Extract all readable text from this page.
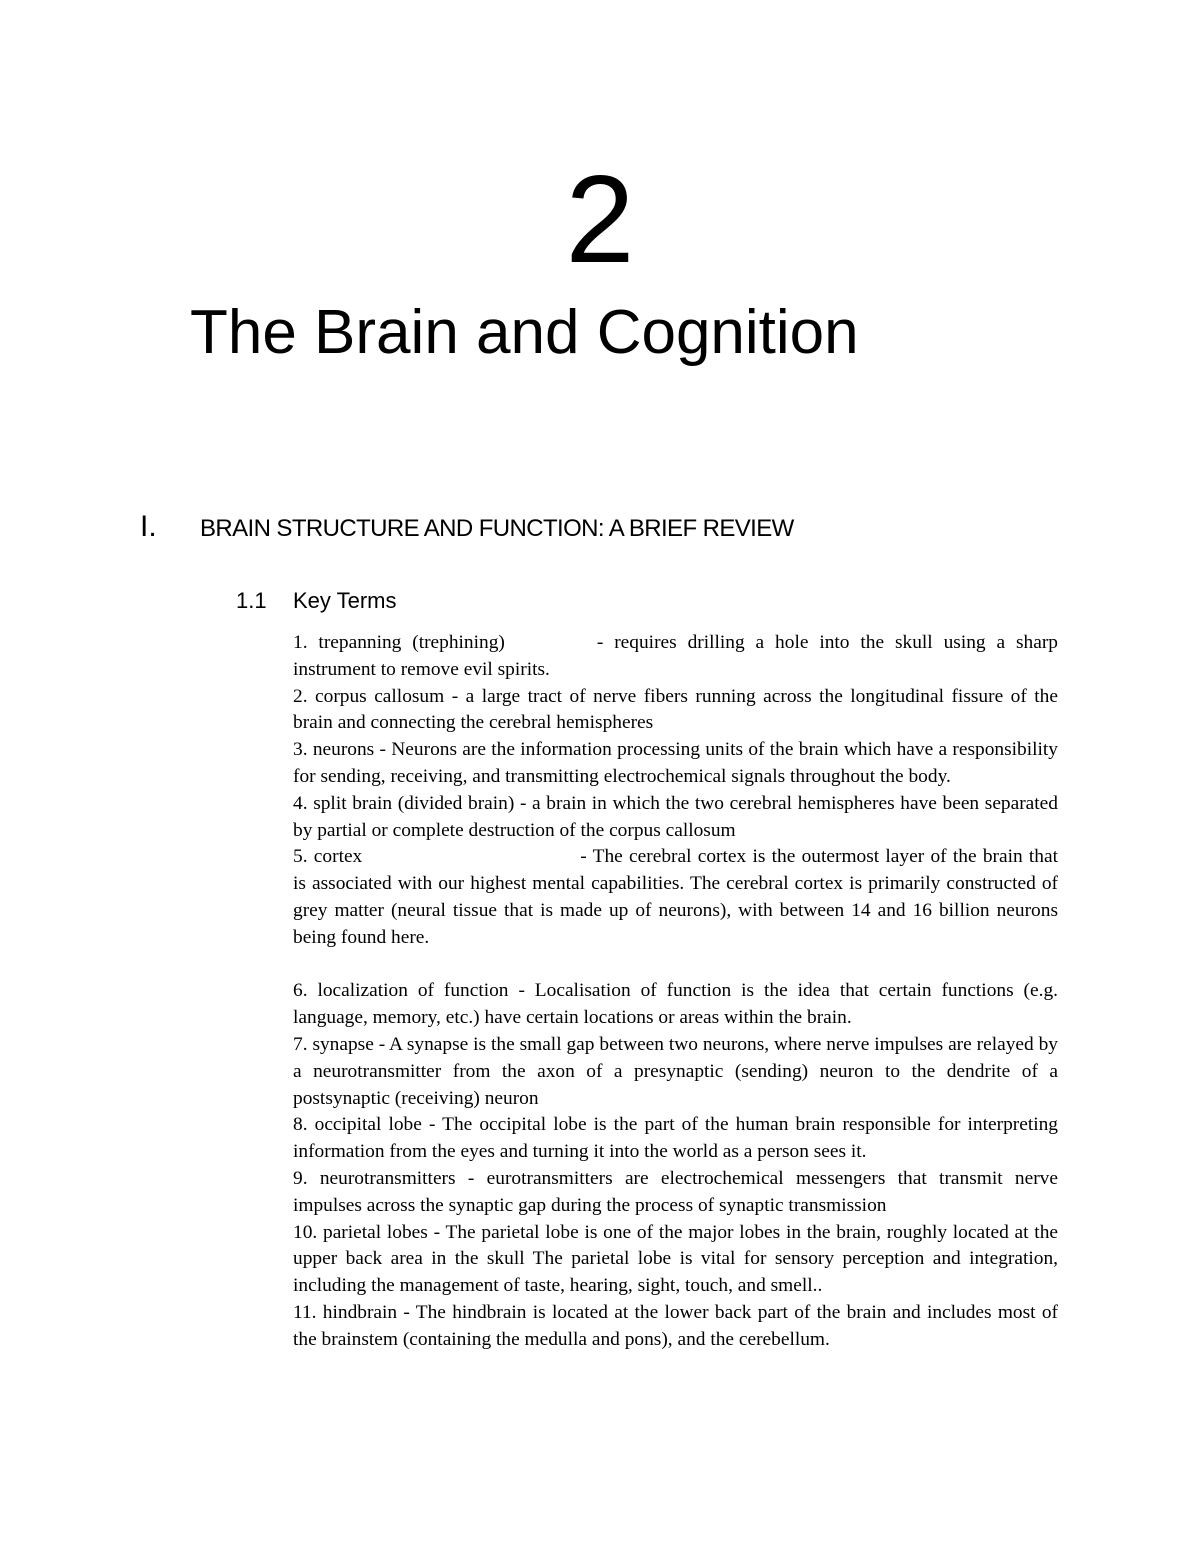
2
The Brain and Cognition
I. BRAIN STRUCTURE AND FUNCTION: A BRIEF REVIEW
1.1 Key Terms

1. trepanning (trephining)	- requires drilling a hole into the skull using a sharp instrument to remove evil spirits.

2. corpus callosum - a large tract of nerve fibers running across the longitudinal fissure of the brain and connecting the cerebral hemispheres

3. neurons - Neurons are the information processing units of the brain which have a responsibility for sending, receiving, and transmitting electrochemical signals throughout the body.

4. split brain (divided brain) - a brain in which the two cerebral hemispheres have been separated by partial or complete destruction of the corpus callosum

5. cortex	- The cerebral cortex is the outermost layer of the brain that is associated with our highest mental capabilities. The cerebral cortex is primarily constructed of grey matter (neural tissue that is made up of neurons), with between 14 and 16 billion neurons being found here.

6. localization of function - Localisation of function is the idea that certain functions (e.g. language, memory, etc.) have certain locations or areas within the brain.

7. synapse - A synapse is the small gap between two neurons, where nerve impulses are relayed by a neurotransmitter from the axon of a presynaptic (sending) neuron to the dendrite of a postsynaptic (receiving) neuron

8. occipital lobe - The occipital lobe is the part of the human brain responsible for interpreting information from the eyes and turning it into the world as a person sees it.

9. neurotransmitters - eurotransmitters are electrochemical messengers that transmit nerve impulses across the synaptic gap during the process of synaptic transmission

10. parietal lobes - The parietal lobe is one of the major lobes in the brain, roughly located at the upper back area in the skull The parietal lobe is vital for sensory perception and integration, including the management of taste, hearing, sight, touch, and smell..

11. hindbrain - The hindbrain is located at the lower back part of the brain and includes most of the brainstem (containing the medulla and pons), and the cerebellum.
